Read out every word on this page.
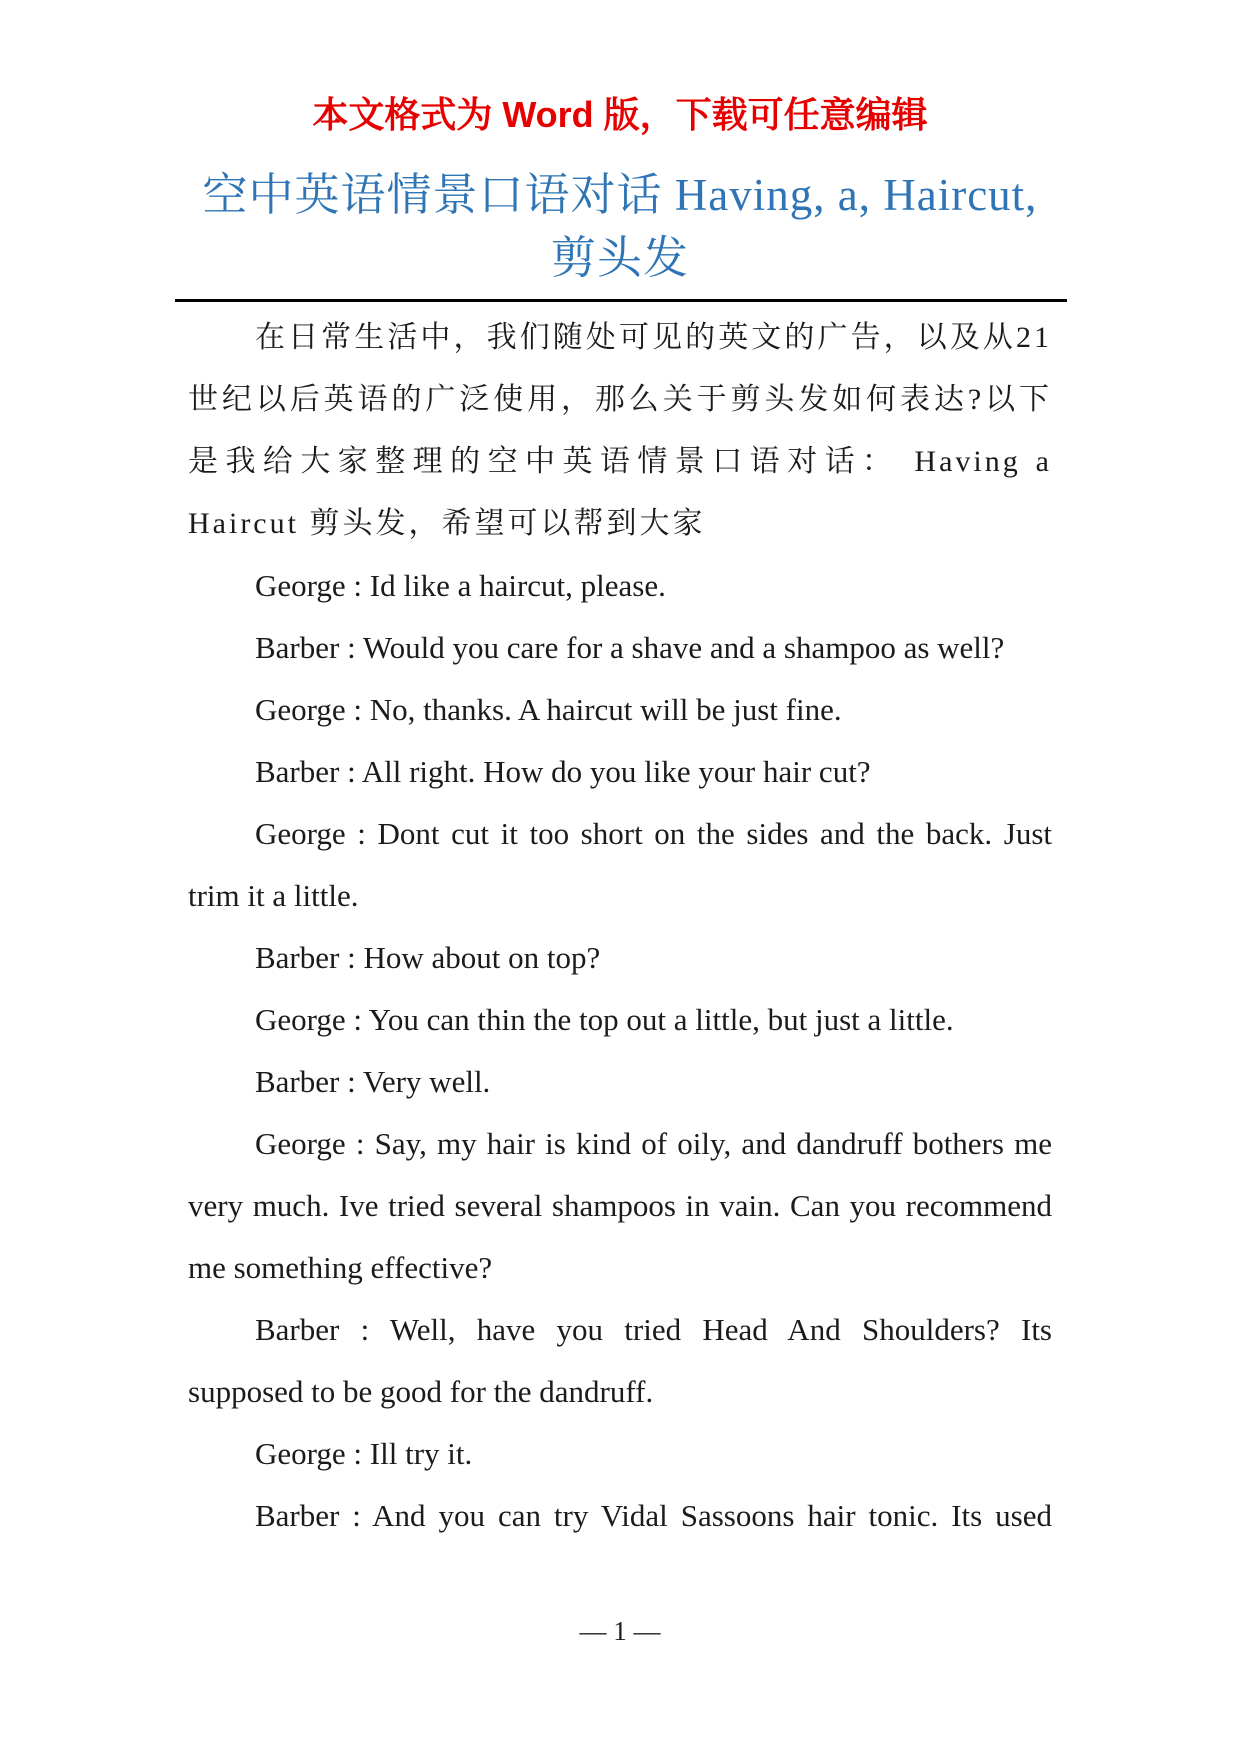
本文格式为 Word 版，下载可任意编辑
空中英语情景口语对话 Having, a, Haircut, 剪头发

在日常生活中，我们随处可见的英文的广告，以及从21 世纪以后英语的广泛使用，那么关于剪头发如何表达?以下是我给大家整理的空中英语情景口语对话： Having a Haircut 剪头发，希望可以帮到大家

George : Id like a haircut, please.

Barber : Would you care for a shave and a shampoo as well?

George : No, thanks. A haircut will be just fine.

Barber : All right. How do you like your hair cut?

George : Dont cut it too short on the sides and the back. Just trim it a little.

Barber : How about on top?

George : You can thin the top out a little, but just a little.

Barber : Very well.

George : Say, my hair is kind of oily, and dandruff bothers me very much. Ive tried several shampoos in vain. Can you recommend me something effective?

Barber : Well, have you tried Head And Shoulders? Its supposed to be good for the dandruff.

George : Ill try it.

Barber : And you can try Vidal Sassoons hair tonic. Its used

— 1 —
